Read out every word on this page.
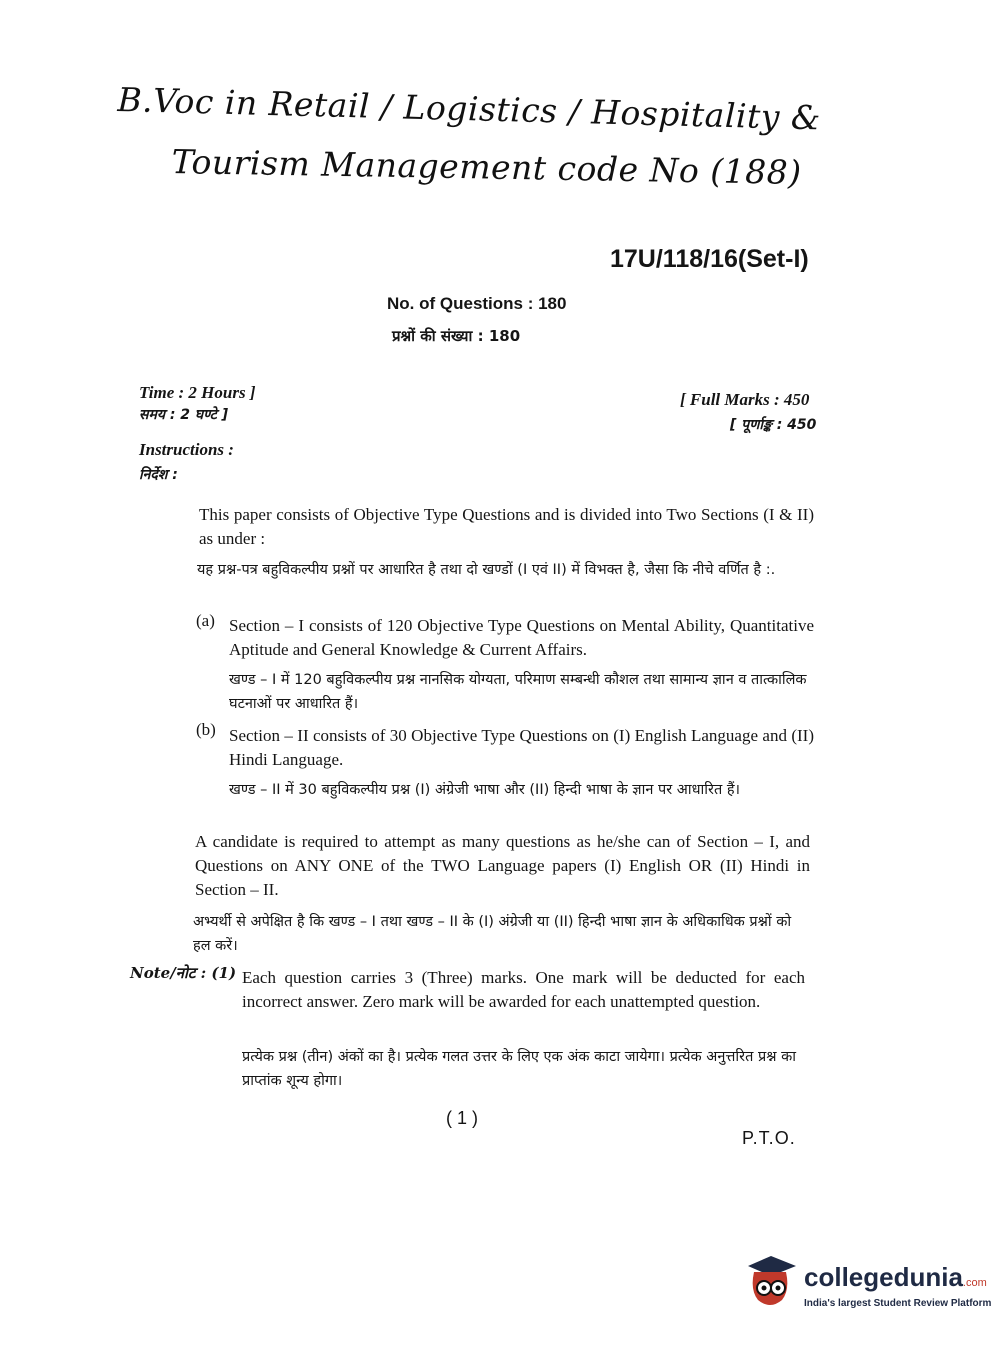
B.Voc in Retail / Logistics / Hospitality &
Tourism Management code No (188)
17U/118/16(Set-I)
No. of Questions : 180
प्रश्नों की संख्या : 180
Time : 2 Hours ]
समय : 2 घण्टे ]
[ Full Marks : 450
[ पूर्णाङ्क : 450
Instructions :
निर्देश :
This paper consists of Objective Type Questions and is divided into Two Sections (I & II) as under :
यह प्रश्न-पत्र बहुविकल्पीय प्रश्नों पर आधारित है तथा दो खण्डों (I एवं II) में विभक्त है, जैसा कि नीचे वर्णित है :.
(a) Section – I consists of 120 Objective Type Questions on Mental Ability, Quantitative Aptitude and General Knowledge & Current Affairs.
खण्ड – I में 120 बहुविकल्पीय प्रश्न नानसिक योग्यता, परिमाण सम्बन्धी कौशल तथा सामान्य ज्ञान व तात्कालिक घटनाओं पर आधारित हैं।
(b) Section – II consists of 30 Objective Type Questions on (I) English Language and (II) Hindi Language.
खण्ड – II में 30 बहुविकल्पीय प्रश्न (I) अंग्रेजी भाषा और (II) हिन्दी भाषा के ज्ञान पर आधारित हैं।
A candidate is required to attempt as many questions as he/she can of Section – I, and Questions on ANY ONE of the TWO Language papers (I) English OR (II) Hindi in Section – II.
अभ्यर्थी से अपेक्षित है कि खण्ड – I तथा खण्ड – II के (I) अंग्रेजी या (II) हिन्दी भाषा ज्ञान के अधिकाधिक प्रश्नों को हल करें।
Note/नोट : (1) Each question carries 3 (Three) marks. One mark will be deducted for each incorrect answer. Zero mark will be awarded for each unattempted question.
प्रत्येक प्रश्न (तीन) अंकों का है। प्रत्येक गलत उत्तर के लिए एक अंक काटा जायेगा। प्रत्येक अनुत्तरित प्रश्न का प्राप्तांक शून्य होगा।
( 1 )
P.T.O.
collegedunia.com
India's largest Student Review Platform
